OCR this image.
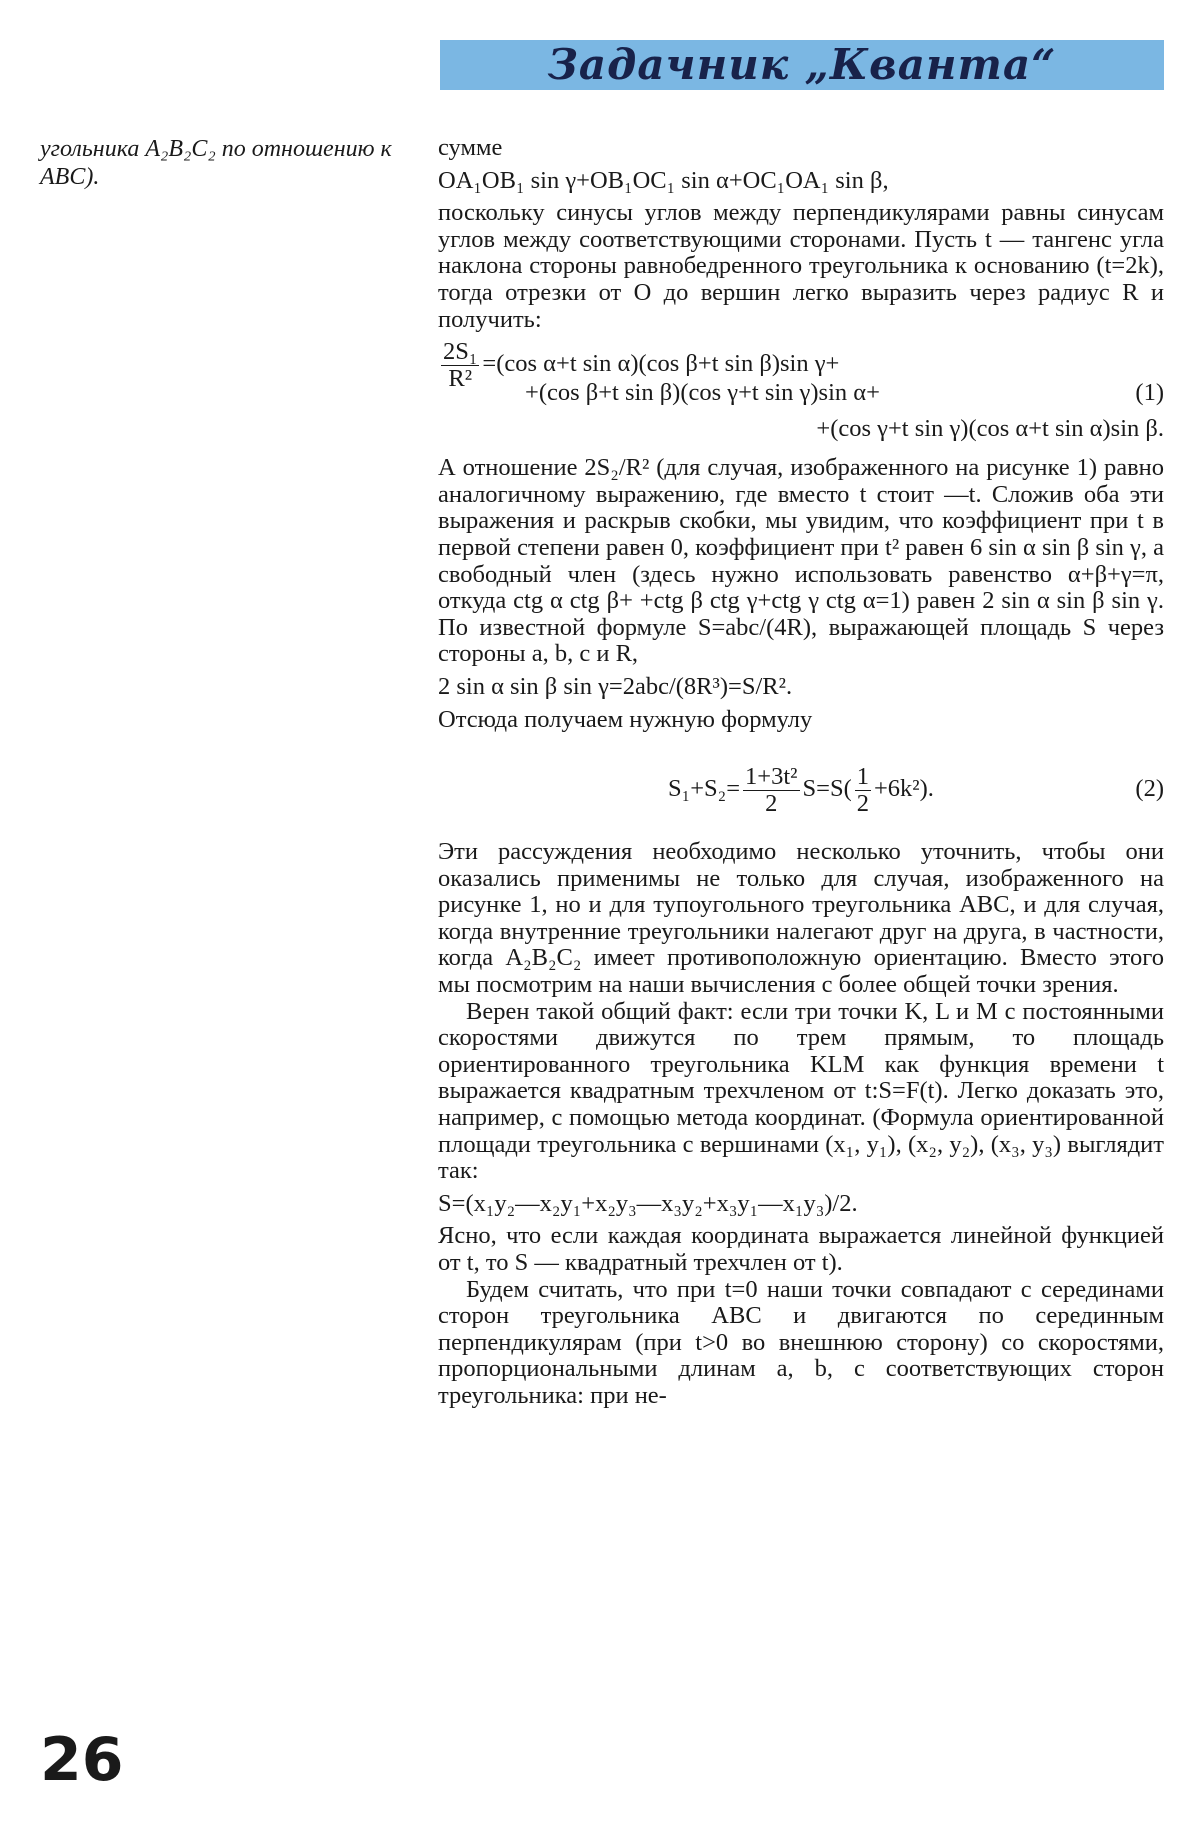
Задачник „Кванта“
угольника A₂B₂C₂ по отношению к ABC).

сумме

OA₁OB₁ sin γ+OB₁OC₁ sin α+OC₁OA₁ sin β,

поскольку синусы углов между перпендикулярами равны синусам углов между соответствующими сторонами. Пусть t — тангенс угла наклона стороны равнобедренного треугольника к основанию (t=2k), тогда отрезки от O до вершин легко выразить через радиус R и получить:

$\frac{\text{2S₁}}{\text{R²}} =(\cos$ α+t sin α)(cos β+t sin β)sin γ+
+(cos β+t sin β)(cos γ+t sin γ)sin α+	(1)
+(cos γ+t sin γ)(cos α+t sin α)sin β.

А отношение 2S₂/R² (для случая, изображенного на рисунке 1) равно аналогичному выражению, где вместо t стоит —t. Сложив оба эти выражения и раскрыв скобки, мы увидим, что коэффициент при t в первой степени равен 0, коэффициент при t² равен 6 sin α sin β sin γ, а свободный член (здесь нужно использовать равенство α+β+γ=π, откуда ctg α ctg β+ +ctg β ctg γ+ctg γ ctg α=1) равен 2 sin α sin β sin γ. По известной формуле S=abc/(4R), выражающей площадь S через стороны a, b, c и R,

2 sin α sin β sin γ=2abc/(8R³)=S/R².

Отсюда получаем нужную формулу

$S_1+S_2= \frac{\text{1+3t²}}{2} S=S( \frac{1}{2} +6k^2)$.	(2)

Эти рассуждения необходимо несколько уточнить, чтобы они оказались применимы не только для случая, изображенного на рисунке 1, но и для тупоугольного треугольника ABC, и для случая, когда внутренние треугольники налегают друг на друга, в частности, когда A₂B₂C₂ имеет противоположную ориентацию. Вместо этого мы посмотрим на наши вычисления с более общей точки зрения.

Верен такой общий факт: если три точки K, L и M с постоянными скоростями движутся по трем прямым, то площадь ориентированного треугольника KLM как функция времени t выражается квадратным трехчленом от t:S=F(t). Легко доказать это, например, с помощью метода координат. (Формула ориентированной площади треугольника с вершинами (x₁, y₁), (x₂, y₂), (x₃, y₃) выглядит так:

S=(x₁y₂—x₂y₁+x₂y₃—x₃y₂+x₃y₁—x₁y₃)/2.

Ясно, что если каждая координата выражается линейной функцией от t, то S — квадратный трехчлен от t).

Будем считать, что при t=0 наши точки совпадают с серединами сторон треугольника ABC и двигаются по серединным перпендикулярам (при t>0 во внешнюю сторону) со скоростями, пропорциональными длинам a, b, c соответствующих сторон треугольника: при не-

26
